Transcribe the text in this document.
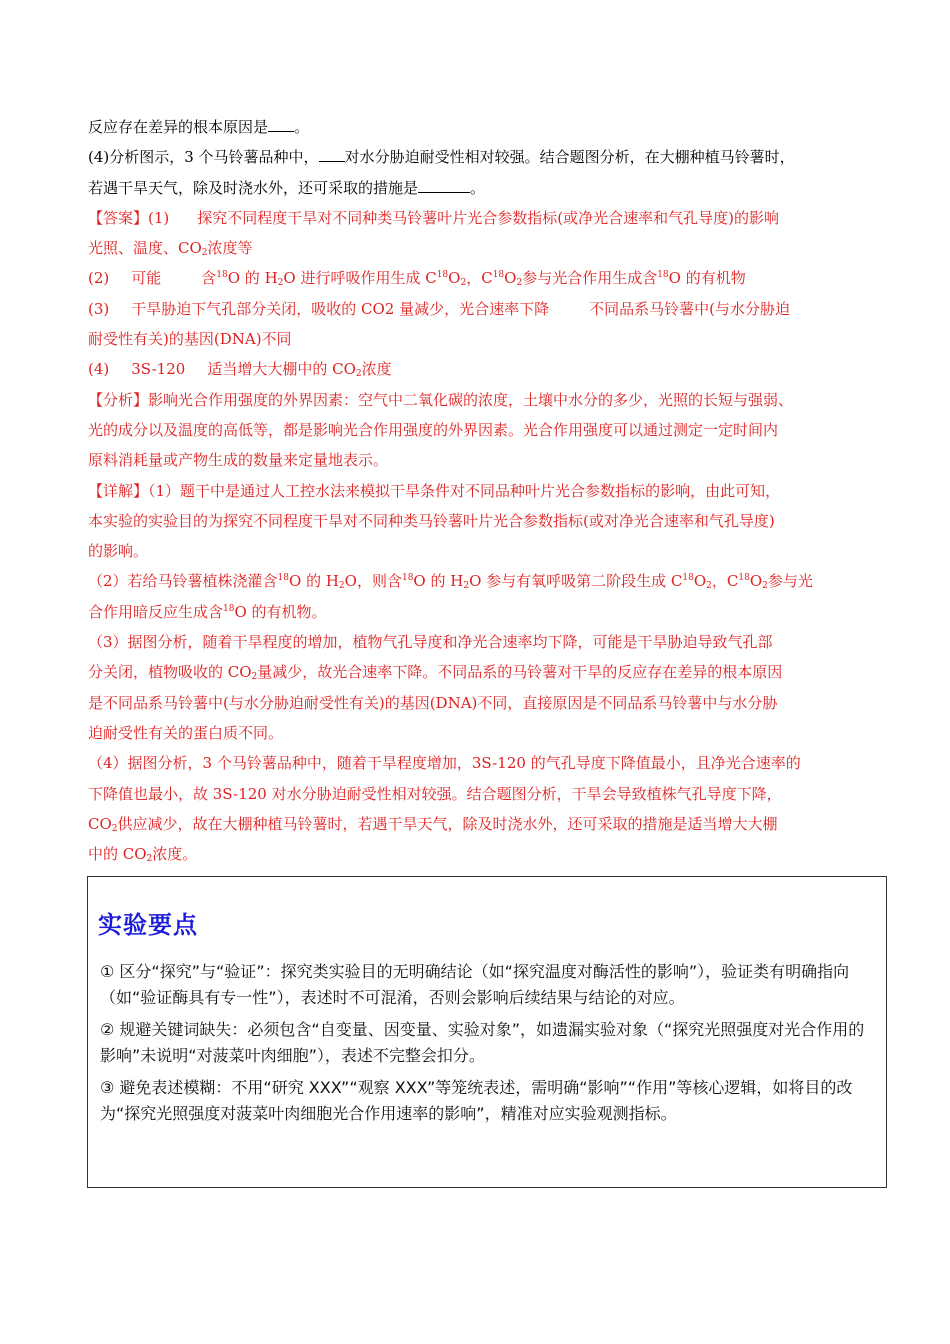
反应存在差异的根本原因是 。
(4)分析图示，3 个马铃薯品种中， 对水分胁迫耐受性相对较强。结合题图分析，在大棚种植马铃薯时，
若遇干旱天气，除及时浇水外，还可采取的措施是	。
【答案】(1) 探究不同程度干旱对不同种类马铃薯叶片光合参数指标(或净光合速率和气孔导度)的影响
光照、温度、$CO_2$浓度等
(2) 可能	含$^{18}$O 的 $H_2O$ 进行呼吸作用生成 $C^{18}O_2$，$C^{18}O_2$参与光合作用生成含$^{18}$O 的有机物
(3) 干旱胁迫下气孔部分关闭，吸收的 CO2 量减少，光合速率下降	不同品系马铃薯中(与水分胁迫
耐受性有关)的基因(DNA)不同
(4) 3S-120 适当增大大棚中的 $CO_2$浓度
【分析】影响光合作用强度的外界因素：空气中二氧化碳的浓度，土壤中水分的多少，光照的长短与强弱、
光的成分以及温度的高低等，都是影响光合作用强度的外界因素。光合作用强度可以通过测定一定时间内
原料消耗量或产物生成的数量来定量地表示。
【详解】（1）题干中是通过人工控水法来模拟干旱条件对不同品种叶片光合参数指标的影响，由此可知，
本实验的实验目的为探究不同程度干旱对不同种类马铃薯叶片光合参数指标(或对净光合速率和气孔导度)
的影响。
（2）若给马铃薯植株浇灌含$^{18}$O 的 $H_2O$，则含$^{18}$O 的 $H_2O$ 参与有氧呼吸第二阶段生成 $C^{18}O_2$，$C^{18}O_2$参与光
合作用暗反应生成含$^{18}$O 的有机物。
（3）据图分析，随着干旱程度的增加，植物气孔导度和净光合速率均下降，可能是干旱胁迫导致气孔部
分关闭，植物吸收的 $CO_2$量减少，故光合速率下降。不同品系的马铃薯对干旱的反应存在差异的根本原因
是不同品系马铃薯中(与水分胁迫耐受性有关)的基因(DNA)不同，直接原因是不同品系马铃薯中与水分胁
迫耐受性有关的蛋白质不同。
（4）据图分析，3 个马铃薯品种中，随着干旱程度增加，3S-120 的气孔导度下降值最小，且净光合速率的
下降值也最小，故 3S-120 对水分胁迫耐受性相对较强。结合题图分析，干旱会导致植株气孔导度下降，
$CO_2$供应减少，故在大棚种植马铃薯时，若遇干旱天气，除及时浇水外，还可采取的措施是适当增大大棚
中的 $CO_2$浓度。
实验要点
① 区分“探究”与“验证”：探究类实验目的无明确结论（如“探究温度对酶活性的影响”），验证类有明确指向（如“验证酶具有专一性”），表述时不可混淆，否则会影响后续结果与结论的对应。
② 规避关键词缺失：必须包含“自变量、因变量、实验对象”，如遗漏实验对象（“探究光照强度对光合作用的影响”未说明“对菠菜叶肉细胞”），表述不完整会扣分。
③ 避免表述模糊：不用“研究 XXX”“观察 XXX”等笼统表述，需明确“影响”“作用”等核心逻辑，如将目的改为“探究光照强度对菠菜叶肉细胞光合作用速率的影响”，精准对应实验观测指标。
